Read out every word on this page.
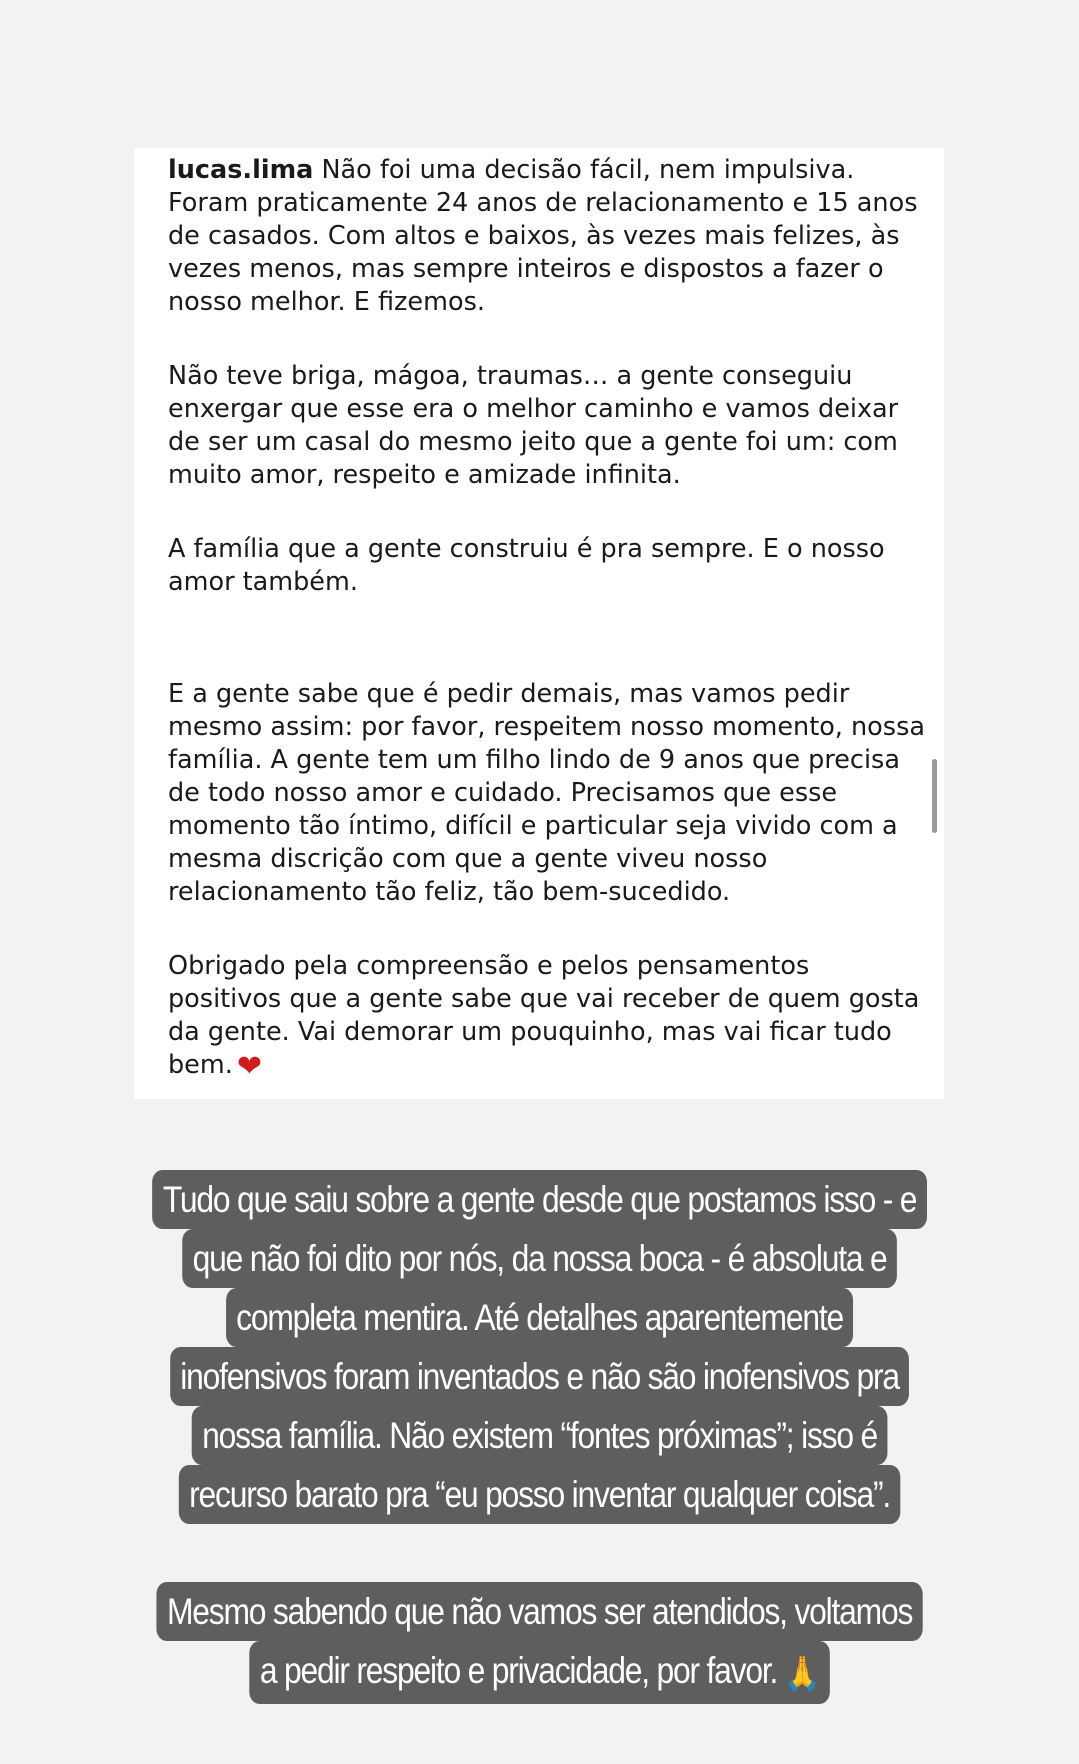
lucas.lima Não foi uma decisão fácil, nem impulsiva. Foram praticamente 24 anos de relacionamento e 15 anos de casados. Com altos e baixos, às vezes mais felizes, às vezes menos, mas sempre inteiros e dispostos a fazer o nosso melhor. E fizemos.

Não teve briga, mágoa, traumas… a gente conseguiu enxergar que esse era o melhor caminho e vamos deixar de ser um casal do mesmo jeito que a gente foi um: com muito amor, respeito e amizade infinita.

A família que a gente construiu é pra sempre. E o nosso amor também.

E a gente sabe que é pedir demais, mas vamos pedir mesmo assim: por favor, respeitem nosso momento, nossa família. A gente tem um filho lindo de 9 anos que precisa de todo nosso amor e cuidado. Precisamos que esse momento tão íntimo, difícil e particular seja vivido com a mesma discrição com que a gente viveu nosso relacionamento tão feliz, tão bem-sucedido.

Obrigado pela compreensão e pelos pensamentos positivos que a gente sabe que vai receber de quem gosta da gente. Vai demorar um pouquinho, mas vai ficar tudo bem. ❤

Tudo que saiu sobre a gente desde que postamos isso - e
que não foi dito por nós, da nossa boca - é absoluta e
completa mentira. Até detalhes aparentemente
inofensivos foram inventados e não são inofensivos pra
nossa família. Não existem “fontes próximas”; isso é
recurso barato pra “eu posso inventar qualquer coisa”.
Mesmo sabendo que não vamos ser atendidos, voltamos
a pedir respeito e privacidade, por favor. 🙏
